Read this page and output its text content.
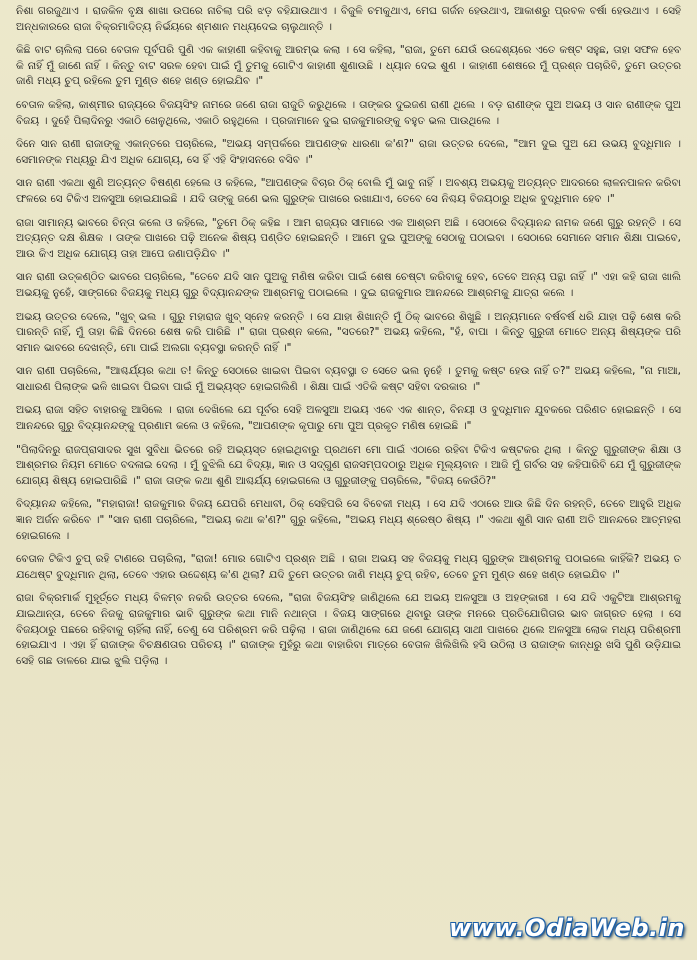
ନିଶା ଗରଜୁଥାଏ । ରାଜକିଳ ବୃକ୍ଷ ଶାଖା ଉପରେ ନାଚିଲା ପରି ଝଡ଼ ବହିଯାଉଥାଏ । ବିଜୁଳି ଚମକୁଥାଏ, ମେଘ ଗର୍ଜନ ହେଉଥାଏ, ଆକାଶରୁ ପ୍ରବଳ ବର୍ଷା ହେଉଥାଏ । ସେହି ଅନ୍ଧକାରରେ ରାଜା ବିକ୍ରମାଦିତ୍ୟ ନିର୍ଭୟରେ ଶ୍ମଶାନ ମଧ୍ୟଦେଇ ଚାଲୁଥାନ୍ତି ।

କିଛି ବାଟ ଚାଲିଲା ପରେ ବେତାଳ ପୂର୍ବପରି ପୁଣି ଏକ କାହାଣୀ କହିବାକୁ ଆରମ୍ଭ କଲା । ସେ କହିଲା, "ରାଜା, ତୁମେ ଯେଉଁ ଉଦ୍ଦେଶ୍ୟରେ ଏତେ କଷ୍ଟ ସହୁଛ, ତାହା ସଫଳ ହେବ କି ନାହିଁ ମୁଁ ଜାଣେ ନାହିଁ । କିନ୍ତୁ ବାଟ ସରଳ ହେବା ପାଇଁ ମୁଁ ତୁମକୁ ଗୋଟିଏ କାହାଣୀ ଶୁଣାଉଛି । ଧ୍ୟାନ ଦେଇ ଶୁଣ । କାହାଣୀ ଶେଷରେ ମୁଁ ପ୍ରଶ୍ନ ପଚାରିବି, ତୁମେ ଉତ୍ତର ଜାଣି ମଧ୍ୟ ଚୁପ୍ ରହିଲେ ତୁମ ମୁଣ୍ଡ ଶହେ ଖଣ୍ଡ ହୋଇଯିବ ।"

ବେତାଳ କହିଲା, କାଶ୍ମୀର ରାଜ୍ୟରେ ବିଜୟସିଂହ ନାମରେ ଜଣେ ରାଜା ରାଜୁତି କରୁଥିଲେ । ତାଙ୍କର ଦୁଇଜଣ ରାଣୀ ଥିଲେ । ବଡ଼ ରାଣୀଙ୍କ ପୁଅ ଅଭୟ ଓ ସାନ ରାଣୀଙ୍କ ପୁଅ ବିଜୟ । ଦୁହେଁ ପିଲାଦିନରୁ ଏକାଠି ଖେଳୁଥିଲେ, ଏକାଠି ରହୁଥିଲେ । ପ୍ରଜାମାନେ ଦୁଇ ରାଜକୁମାରଙ୍କୁ ବହୁତ ଭଲ ପାଉଥିଲେ ।

ଦିନେ ସାନ ରାଣୀ ରାଜାଙ୍କୁ ଏକାନ୍ତରେ ପଚାରିଲେ, "ଅଭୟ ସମ୍ପର୍କରେ ଆପଣଙ୍କ ଧାରଣା କ'ଣ?" ରାଜା ଉତ୍ତର ଦେଲେ, "ଆମ ଦୁଇ ପୁଅ ଯେ ଉଭୟ ବୁଦ୍ଧିମାନ । ସେମାନଙ୍କ ମଧ୍ୟରୁ ଯିଏ ଅଧିକ ଯୋଗ୍ୟ, ସେ ହିଁ ଏହି ସିଂହାସନରେ ବସିବ ।"

ସାନ ରାଣୀ ଏକଥା ଶୁଣି ଅତ୍ୟନ୍ତ ବିଷଣ୍ଣ ହେଲେ ଓ କହିଲେ, "ଆପଣଙ୍କ ବିଚାର ଠିକ୍ ବୋଲି ମୁଁ ଭାବୁ ନାହିଁ । ଅବଶ୍ୟ ଅଭୟକୁ ଅତ୍ୟନ୍ତ ଆଦରରେ ଲାଳନପାଳନ କରିବା ଫଳରେ ସେ ଟିକିଏ ଅଳସୁଆ ହୋଇଯାଇଛି । ଯଦି ତାଙ୍କୁ ଜଣେ ଭଲ ଗୁରୁଙ୍କ ପାଖରେ ରଖାଯାଏ, ତେବେ ସେ ନିଶ୍ଚୟ ବିଜୟଠାରୁ ଅଧିକ ବୁଦ୍ଧିମାନ ହେବ ।"

ରାଜା ସାମାନ୍ୟ ଭାବରେ ଚିନ୍ତା କଲେ ଓ କହିଲେ, "ତୁମେ ଠିକ୍ କହିଛ । ଆମ ରାଜ୍ୟର ସୀମାରେ ଏକ ଆଶ୍ରମ ଅଛି । ସେଠାରେ ବିଦ୍ୟାନନ୍ଦ ନାମକ ଜଣେ ଗୁରୁ ରହନ୍ତି । ସେ ଅତ୍ୟନ୍ତ ଦକ୍ଷ ଶିକ୍ଷକ । ତାଙ୍କ ପାଖରେ ପଢ଼ି ଅନେକ ଶିଷ୍ୟ ପଣ୍ଡିତ ହୋଇଛନ୍ତି । ଆମେ ଦୁଇ ପୁଅଙ୍କୁ ସେଠାକୁ ପଠାଇବା । ସେଠାରେ ସେମାନେ ସମାନ ଶିକ୍ଷା ପାଇବେ, ଆଉ କିଏ ଅଧିକ ଯୋଗ୍ୟ ତାହା ଆପେ ଜଣାପଡ଼ିଯିବ ।"

ସାନ ରାଣୀ ଉତ୍କଣ୍ଠିତ ଭାବରେ ପଚାରିଲେ, "ତେବେ ଯଦି ସାନ ପୁଅକୁ ମଣିଷ କରିବା ପାଇଁ ଶେଷ ଚେଷ୍ଟା କରିବାକୁ ହେବ, ତେବେ ଅନ୍ୟ ପନ୍ଥା ନାହିଁ ।" ଏହା କହି ରାଜା ଖାଲି ଅଭୟକୁ ନୁହେଁ, ସାଙ୍ଗରେ ବିଜୟକୁ ମଧ୍ୟ ଗୁରୁ ବିଦ୍ୟାନନ୍ଦଙ୍କ ଆଶ୍ରମକୁ ପଠାଇଲେ । ଦୁଇ ରାଜକୁମାର ଆନନ୍ଦରେ ଆଶ୍ରମକୁ ଯାତ୍ରା କଲେ ।

ଅଭୟ ଉତ୍ତର ଦେଲେ, "ଖୁବ୍ ଭଲ । ଗୁରୁ ମହାରାଜ ଖୁବ୍ ସ୍ନେହ କରନ୍ତି । ସେ ଯାହା ଶିଖାନ୍ତି ମୁଁ ଠିକ୍ ଭାବରେ ଶିଖୁଛି । ଅନ୍ୟମାନେ ବର୍ଷବର୍ଷ ଧରି ଯାହା ପଢ଼ି ଶେଷ କରି ପାରନ୍ତି ନାହିଁ, ମୁଁ ତାହା କିଛି ଦିନରେ ଶେଷ କରି ପାରିଛି ।" ରାଜା ପ୍ରଶ୍ନ କଲେ, "ସତରେ?" ଅଭୟ କହିଲେ, "ହଁ, ବାପା । କିନ୍ତୁ ଗୁରୁଜୀ ମୋତେ ଅନ୍ୟ ଶିଷ୍ୟଙ୍କ ପରି ସମାନ ଭାବରେ ଦେଖନ୍ତି, ମୋ ପାଇଁ ଅଲଗା ବ୍ୟବସ୍ଥା କରନ୍ତି ନାହିଁ ।"

ସାନ ରାଣୀ ପଚାରିଲେ, "ଆଶ୍ଚର୍ଯ୍ୟର କଥା ତ! କିନ୍ତୁ ସେଠାରେ ଖାଇବା ପିଇବା ବ୍ୟବସ୍ଥା ତ ସେତେ ଭଲ ନୁହେଁ । ତୁମକୁ କଷ୍ଟ ହେଉ ନାହିଁ ତ?" ଅଭୟ କହିଲେ, "ନା ମାଆ, ସାଧାରଣ ପିଲାଙ୍କ ଭଳି ଖାଇବା ପିଇବା ପାଇଁ ମୁଁ ଅଭ୍ୟସ୍ତ ହୋଇଗଲିଣି । ଶିକ୍ଷା ପାଇଁ ଏତିକି କଷ୍ଟ ସହିବା ଦରକାର ।"

ଅଭୟ ରାଜା ସହିତ ବାହାରକୁ ଆସିଲେ । ରାଜା ଦେଖିଲେ ଯେ ପୂର୍ବର ସେହି ଅଳସୁଆ ଅଭୟ ଏବେ ଏକ ଶାନ୍ତ, ବିନୟୀ ଓ ବୁଦ୍ଧିମାନ ଯୁବକରେ ପରିଣତ ହୋଇଛନ୍ତି । ସେ ଆନନ୍ଦରେ ଗୁରୁ ବିଦ୍ୟାନନ୍ଦଙ୍କୁ ପ୍ରଣାମ କଲେ ଓ କହିଲେ, "ଆପଣଙ୍କ କୃପାରୁ ମୋ ପୁଅ ପ୍ରକୃତ ମଣିଷ ହୋଇଛି ।"

"ପିଲାଦିନରୁ ରାଜପ୍ରାସାଦର ସୁଖ ସୁବିଧା ଭିତରେ ରହି ଅଭ୍ୟସ୍ତ ହୋଇଥିବାରୁ ପ୍ରଥମେ ମୋ ପାଇଁ ଏଠାରେ ରହିବା ଟିକିଏ କଷ୍ଟକର ଥିଲା । କିନ୍ତୁ ଗୁରୁଜୀଙ୍କ ଶିକ୍ଷା ଓ ଆଶ୍ରମର ନିୟମ ମୋତେ ବଦଳାଇ ଦେଲା । ମୁଁ ବୁଝିଲି ଯେ ବିଦ୍ୟା, ଜ୍ଞାନ ଓ ସଦ୍ଗୁଣ ରାଜସମ୍ପଦଠାରୁ ଅଧିକ ମୂଲ୍ୟବାନ । ଆଜି ମୁଁ ଗର୍ବର ସହ କହିପାରିବି ଯେ ମୁଁ ଗୁରୁଜୀଙ୍କ ଯୋଗ୍ୟ ଶିଷ୍ୟ ହୋଇପାରିଛି ।" ରାଜା ତାଙ୍କ କଥା ଶୁଣି ଆଶ୍ଚର୍ଯ୍ୟ ହୋଇଗଲେ ଓ ଗୁରୁଜୀଙ୍କୁ ପଚାରିଲେ, "ବିଜୟ କେଉଁଠି?"

ବିଦ୍ୟାନନ୍ଦ କହିଲେ, "ମହାରାଜା! ରାଜକୁମାର ବିଜୟ ଯେପରି ମେଧାବୀ, ଠିକ୍ ସେହିପରି ସେ ବିବେକୀ ମଧ୍ୟ । ସେ ଯଦି ଏଠାରେ ଆଉ କିଛି ଦିନ ରହନ୍ତି, ତେବେ ଆହୁରି ଅଧିକ ଜ୍ଞାନ ଅର୍ଜନ କରିବେ ।" "ସାନ ରାଣୀ ପଚାରିଲେ, "ଅଭୟ କଥା କ'ଣ?" ଗୁରୁ କହିଲେ, "ଅଭୟ ମଧ୍ୟ ଶ୍ରେଷ୍ଠ ଶିଷ୍ୟ ।" ଏକଥା ଶୁଣି ସାନ ରାଣୀ ଅତି ଆନନ୍ଦରେ ଆତ୍ମହରା ହୋଇଗଲେ ।

ବେତାଳ ଟିକିଏ ଚୁପ୍ ରହି ଟାଣରେ ପଚାରିଲା, "ରାଜା! ମୋର ଗୋଟିଏ ପ୍ରଶ୍ନ ଅଛି । ରାଜା ଅଭୟ ସହ ବିଜୟକୁ ମଧ୍ୟ ଗୁରୁଙ୍କ ଆଶ୍ରମକୁ ପଠାଇଲେ କାହିଁକି? ଅଭୟ ତ ଯଥେଷ୍ଟ ବୁଦ୍ଧିମାନ ଥିଲା, ତେବେ ଏହାର ଉଦ୍ଦେଶ୍ୟ କ'ଣ ଥିଲା? ଯଦି ତୁମେ ଉତ୍ତର ଜାଣି ମଧ୍ୟ ଚୁପ୍ ରହିବ, ତେବେ ତୁମ ମୁଣ୍ଡ ଶହେ ଖଣ୍ଡ ହୋଇଯିବ ।"

ରାଜା ବିକ୍ରମାର୍କ ମୁହୂର୍ତ୍ତେ ମଧ୍ୟ ବିଳମ୍ବ ନକରି ଉତ୍ତର ଦେଲେ, "ରାଜା ବିଜୟସିଂହ ଜାଣିଥିଲେ ଯେ ଅଭୟ ଅଳସୁଆ ଓ ଅହଙ୍କାରୀ । ସେ ଯଦି ଏକୁଟିଆ ଆଶ୍ରମକୁ ଯାଇଥାନ୍ତା, ତେବେ ନିଜକୁ ରାଜକୁମାର ଭାବି ଗୁରୁଙ୍କ କଥା ମାନି ନଥାନ୍ତା । ବିଜୟ ସାଙ୍ଗରେ ଥିବାରୁ ତାଙ୍କ ମନରେ ପ୍ରତିଯୋଗିତାର ଭାବ ଜାଗ୍ରତ ହେଲା । ସେ ବିଜୟଠାରୁ ପଛରେ ରହିବାକୁ ଚାହିଁଲା ନାହିଁ, ତେଣୁ ସେ ପରିଶ୍ରମ କରି ପଢ଼ିଲା । ରାଜା ଜାଣିଥିଲେ ଯେ ଜଣେ ଯୋଗ୍ୟ ସାଥୀ ପାଖରେ ଥିଲେ ଅଳସୁଆ ଲୋକ ମଧ୍ୟ ପରିଶ୍ରମୀ ହୋଇଯାଏ । ଏହା ହିଁ ରାଜାଙ୍କ ବିଚକ୍ଷଣତାର ପରିଚୟ ।" ରାଜାଙ୍କ ମୁହଁରୁ କଥା ବାହାରିବା ମାତ୍ରେ ବେତାଳ ଖିଲିଖିଲି ହସି ଉଠିଲା ଓ ରାଜାଙ୍କ କାନ୍ଧରୁ ଖସି ପୁଣି ଉଡ଼ିଯାଇ ସେହି ଗଛ ଡାଳରେ ଯାଇ ଝୁଲି ପଡ଼ିଲା ।

www.OdiaWeb.in
